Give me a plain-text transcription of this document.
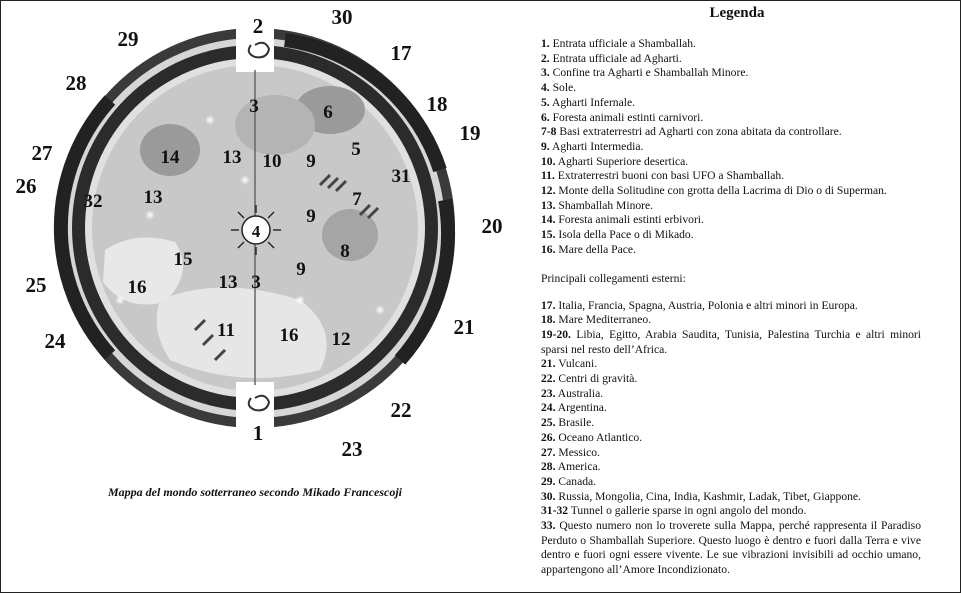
2	30
29
17
28
18
19
27
26
20
25
21
24
22
1
23
3	6
14 13 10 9
5
31
13
32	7
9
4
8
15
13 3
9
16
11 16 12
Mappa del mondo sotterraneo secondo Mikado Francescoji
Legenda

1. Entrata ufficiale a Shamballah.

2. Entrata ufficiale ad Agharti.

3. Confine tra Agharti e Shamballah Minore.

4. Sole.

5. Agharti Infernale.

6. Foresta animali estinti carnivori.

7-8 Basi extraterrestri ad Agharti con zona abitata da controllare.

9. Agharti Intermedia.

10. Agharti Superiore desertica.

11. Extraterrestri buoni con basi UFO a Shamballah.

12. Monte della Solitudine con grotta della Lacrima di Dio o di Superman.

13. Shamballah Minore.

14. Foresta animali estinti erbivori.

15. Isola della Pace o di Mikado.

16. Mare della Pace.

Principali collegamenti esterni:

17. Italia, Francia, Spagna, Austria, Polonia e altri minori in Europa.

18. Mare Mediterraneo.

19-20. Libia, Egitto, Arabia Saudita, Tunisia, Palestina Turchia e altri minori sparsi nel resto dell’Africa.

21. Vulcani.

22. Centri di gravità.

23. Australia.

24. Argentina.

25. Brasile.

26. Oceano Atlantico.

27. Messico.

28. America.

29. Canada.

30. Russia, Mongolia, Cina, India, Kashmir, Ladak, Tibet, Giappone.

31-32 Tunnel o gallerie sparse in ogni angolo del mondo.

33. Questo numero non lo troverete sulla Mappa, perché rappresenta il Paradiso Perduto o Shamballah Superiore. Questo luogo è dentro e fuori dalla Terra e vive dentro e fuori ogni essere vivente. Le sue vibrazioni invisibili ad occhio umano, appartengono all’Amore Incondizionato.
